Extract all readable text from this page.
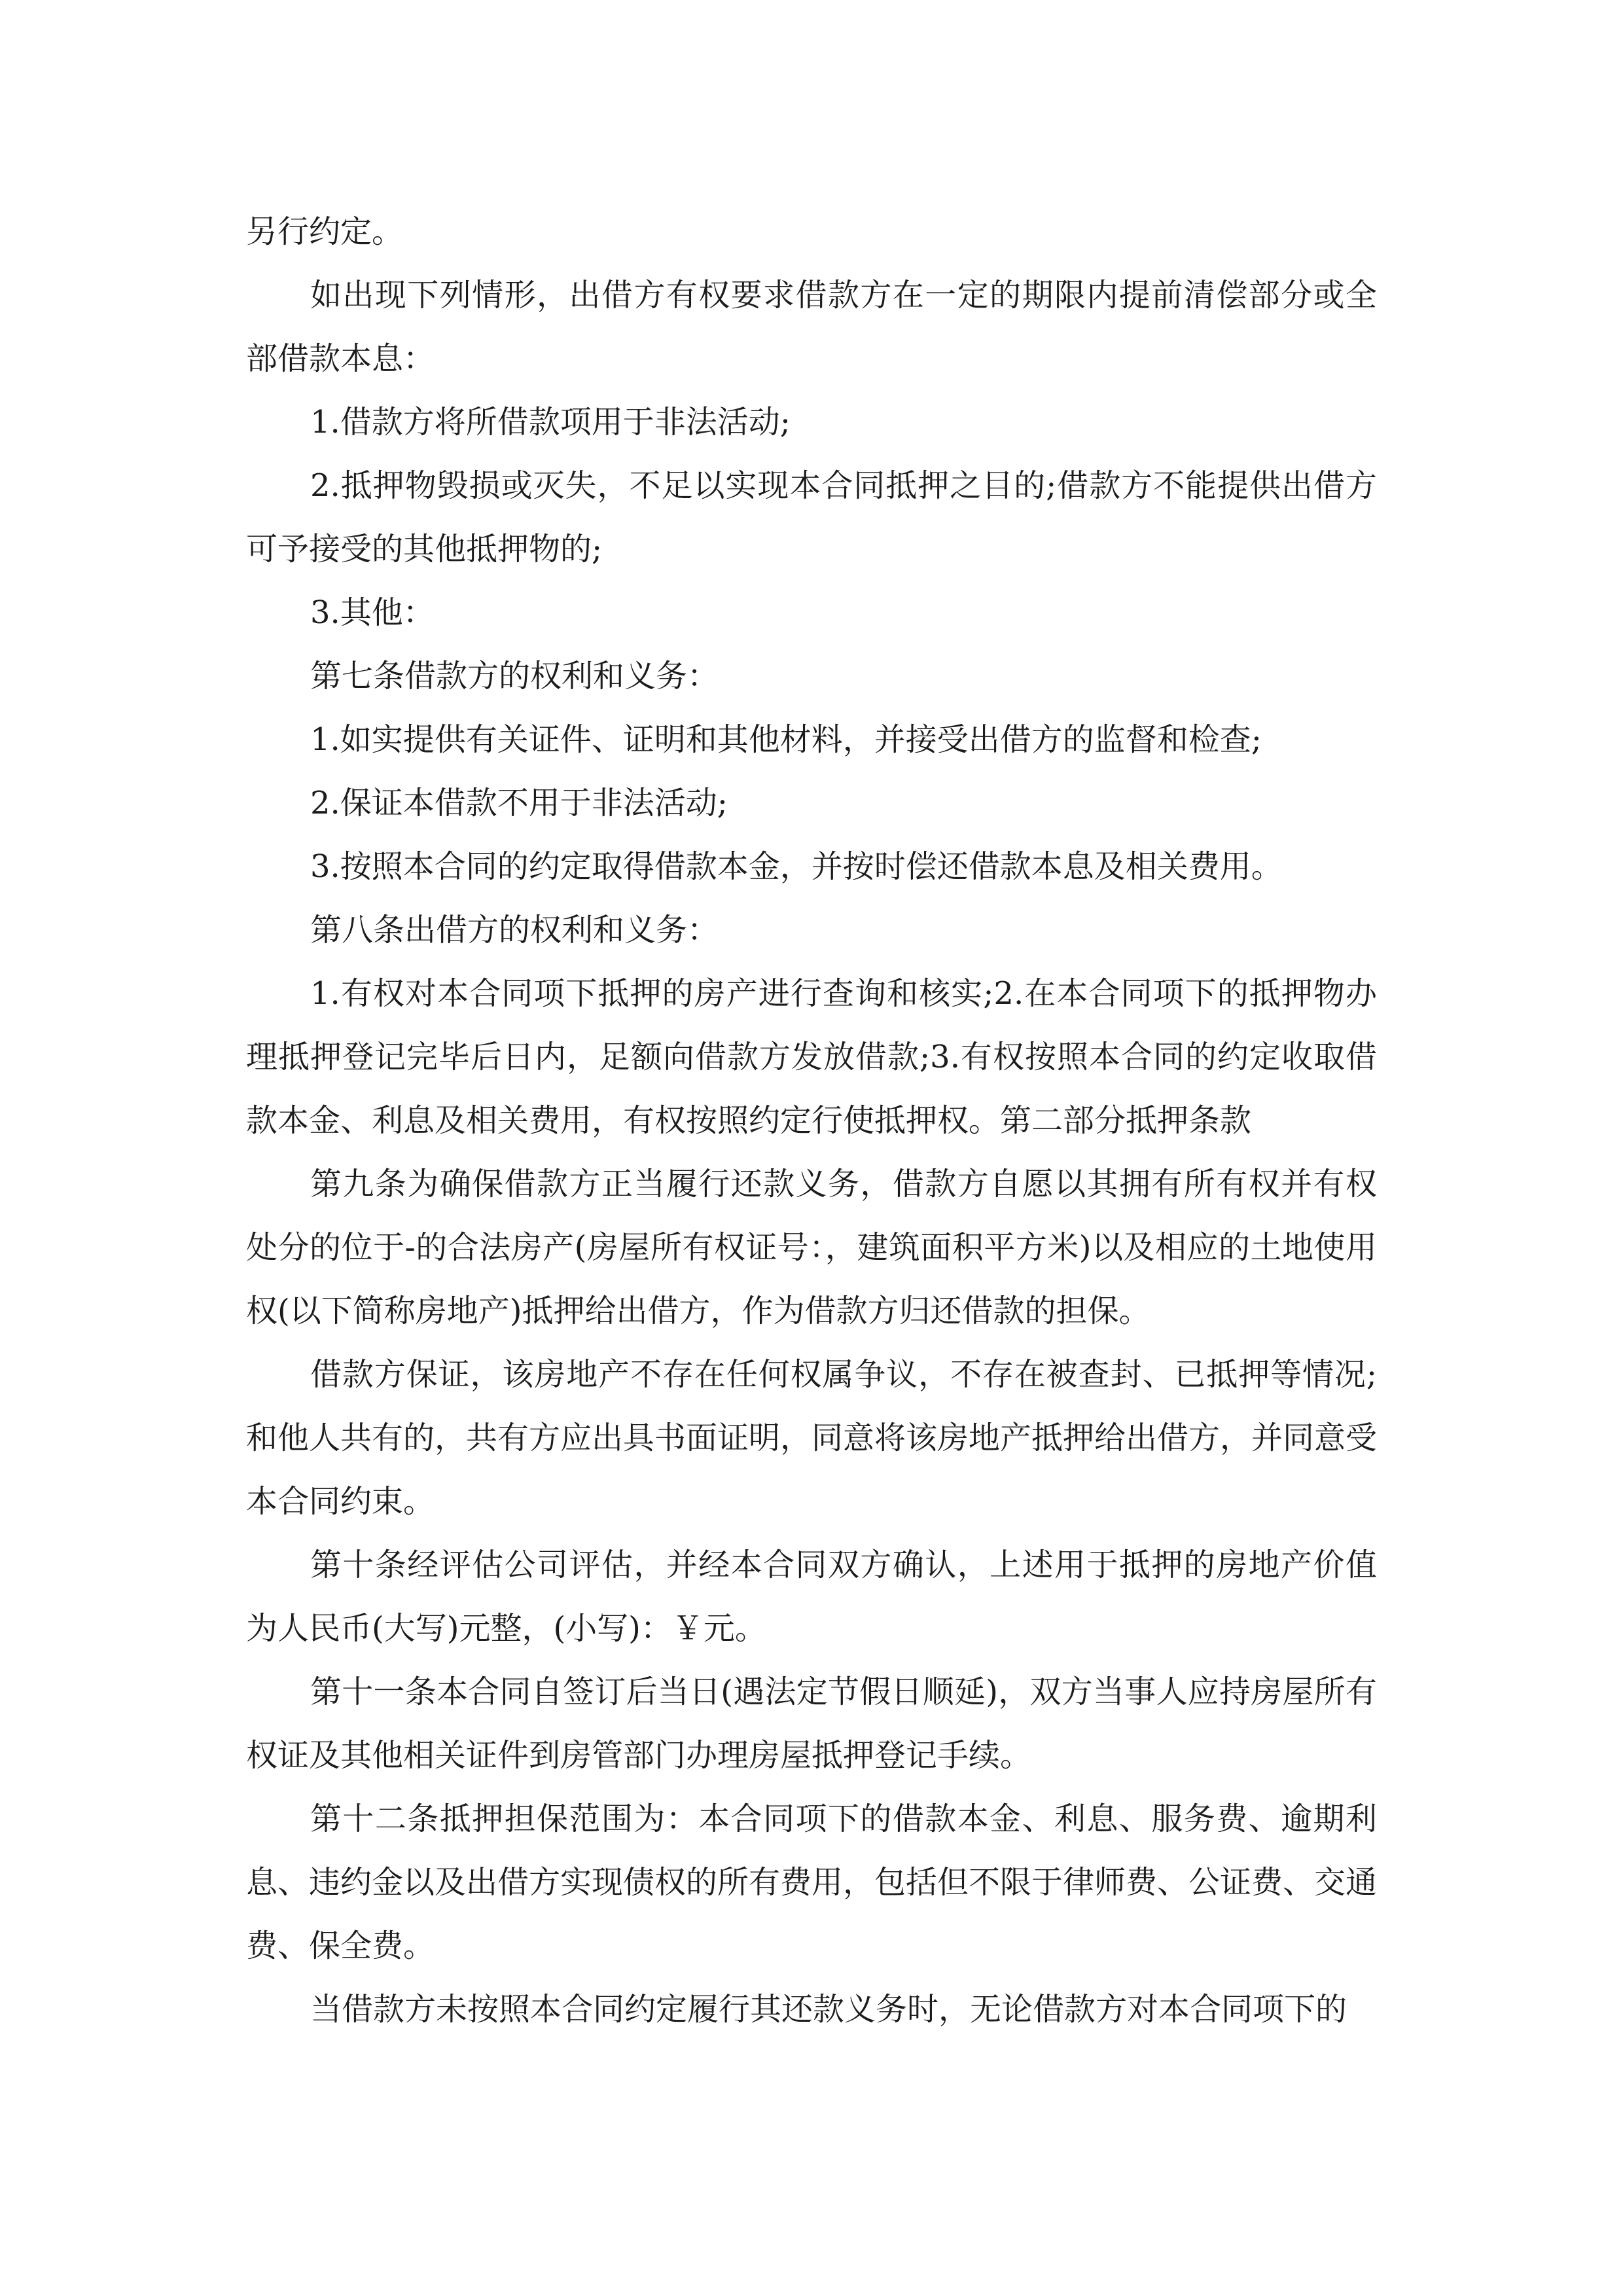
另行约定。

如出现下列情形，出借方有权要求借款方在一定的期限内提前清偿部分或全部借款本息：

1.借款方将所借款项用于非法活动;

2.抵押物毁损或灭失，不足以实现本合同抵押之目的;借款方不能提供出借方可予接受的其他抵押物的;

3.其他：

第七条借款方的权利和义务：

1.如实提供有关证件、证明和其他材料，并接受出借方的监督和检查;

2.保证本借款不用于非法活动;

3.按照本合同的约定取得借款本金，并按时偿还借款本息及相关费用。

第八条出借方的权利和义务：

1.有权对本合同项下抵押的房产进行查询和核实;2.在本合同项下的抵押物办理抵押登记完毕后日内，足额向借款方发放借款;3.有权按照本合同的约定收取借款本金、利息及相关费用，有权按照约定行使抵押权。第二部分抵押条款

第九条为确保借款方正当履行还款义务，借款方自愿以其拥有所有权并有权处分的位于-的合法房产(房屋所有权证号：，建筑面积平方米)以及相应的土地使用权(以下简称房地产)抵押给出借方，作为借款方归还借款的担保。

借款方保证，该房地产不存在任何权属争议，不存在被查封、已抵押等情况;和他人共有的，共有方应出具书面证明，同意将该房地产抵押给出借方，并同意受本合同约束。

第十条经评估公司评估，并经本合同双方确认，上述用于抵押的房地产价值为人民币(大写)元整，(小写)：￥元。

第十一条本合同自签订后当日(遇法定节假日顺延)，双方当事人应持房屋所有权证及其他相关证件到房管部门办理房屋抵押登记手续。

第十二条抵押担保范围为：本合同项下的借款本金、利息、服务费、逾期利息、违约金以及出借方实现债权的所有费用，包括但不限于律师费、公证费、交通费、保全费。

当借款方未按照本合同约定履行其还款义务时，无论借款方对本合同项下的
